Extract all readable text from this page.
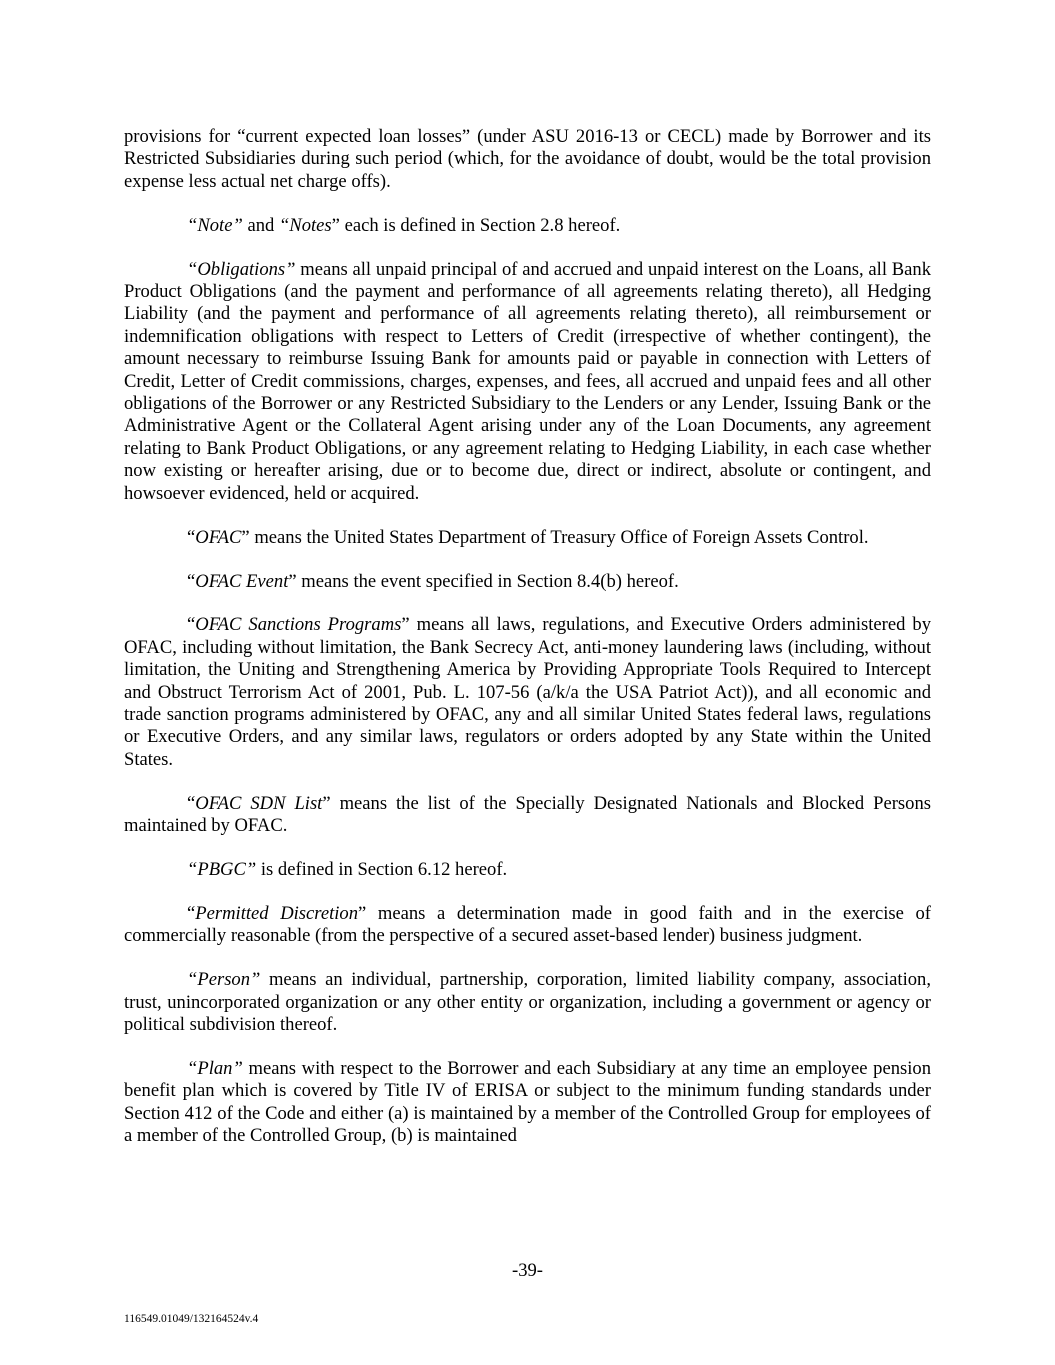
provisions for “current expected loan losses” (under ASU 2016-13 or CECL) made by Borrower and its Restricted Subsidiaries during such period (which, for the avoidance of doubt, would be the total provision expense less actual net charge offs).

“Note” and “Notes” each is defined in Section 2.8 hereof.

“Obligations” means all unpaid principal of and accrued and unpaid interest on the Loans, all Bank Product Obligations (and the payment and performance of all agreements relating thereto), all Hedging Liability (and the payment and performance of all agreements relating thereto), all reimbursement or indemnification obligations with respect to Letters of Credit (irrespective of whether contingent), the amount necessary to reimburse Issuing Bank for amounts paid or payable in connection with Letters of Credit, Letter of Credit commissions, charges, expenses, and fees, all accrued and unpaid fees and all other obligations of the Borrower or any Restricted Subsidiary to the Lenders or any Lender, Issuing Bank or the Administrative Agent or the Collateral Agent arising under any of the Loan Documents, any agreement relating to Bank Product Obligations, or any agreement relating to Hedging Liability, in each case whether now existing or hereafter arising, due or to become due, direct or indirect, absolute or contingent, and howsoever evidenced, held or acquired.

“OFAC” means the United States Department of Treasury Office of Foreign Assets Control.

“OFAC Event” means the event specified in Section 8.4(b) hereof.

“OFAC Sanctions Programs” means all laws, regulations, and Executive Orders administered by OFAC, including without limitation, the Bank Secrecy Act, anti-money laundering laws (including, without limitation, the Uniting and Strengthening America by Providing Appropriate Tools Required to Intercept and Obstruct Terrorism Act of 2001, Pub. L. 107-56 (a/k/a the USA Patriot Act)), and all economic and trade sanction programs administered by OFAC, any and all similar United States federal laws, regulations or Executive Orders, and any similar laws, regulators or orders adopted by any State within the United States.

“OFAC SDN List” means the list of the Specially Designated Nationals and Blocked Persons maintained by OFAC.

“PBGC” is defined in Section 6.12 hereof.

“Permitted Discretion” means a determination made in good faith and in the exercise of commercially reasonable (from the perspective of a secured asset-based lender) business judgment.

“Person” means an individual, partnership, corporation, limited liability company, association, trust, unincorporated organization or any other entity or organization, including a government or agency or political subdivision thereof.

“Plan” means with respect to the Borrower and each Subsidiary at any time an employee pension benefit plan which is covered by Title IV of ERISA or subject to the minimum funding standards under Section 412 of the Code and either (a) is maintained by a member of the Controlled Group for employees of a member of the Controlled Group, (b) is maintained

-39-
116549.01049/132164524v.4
